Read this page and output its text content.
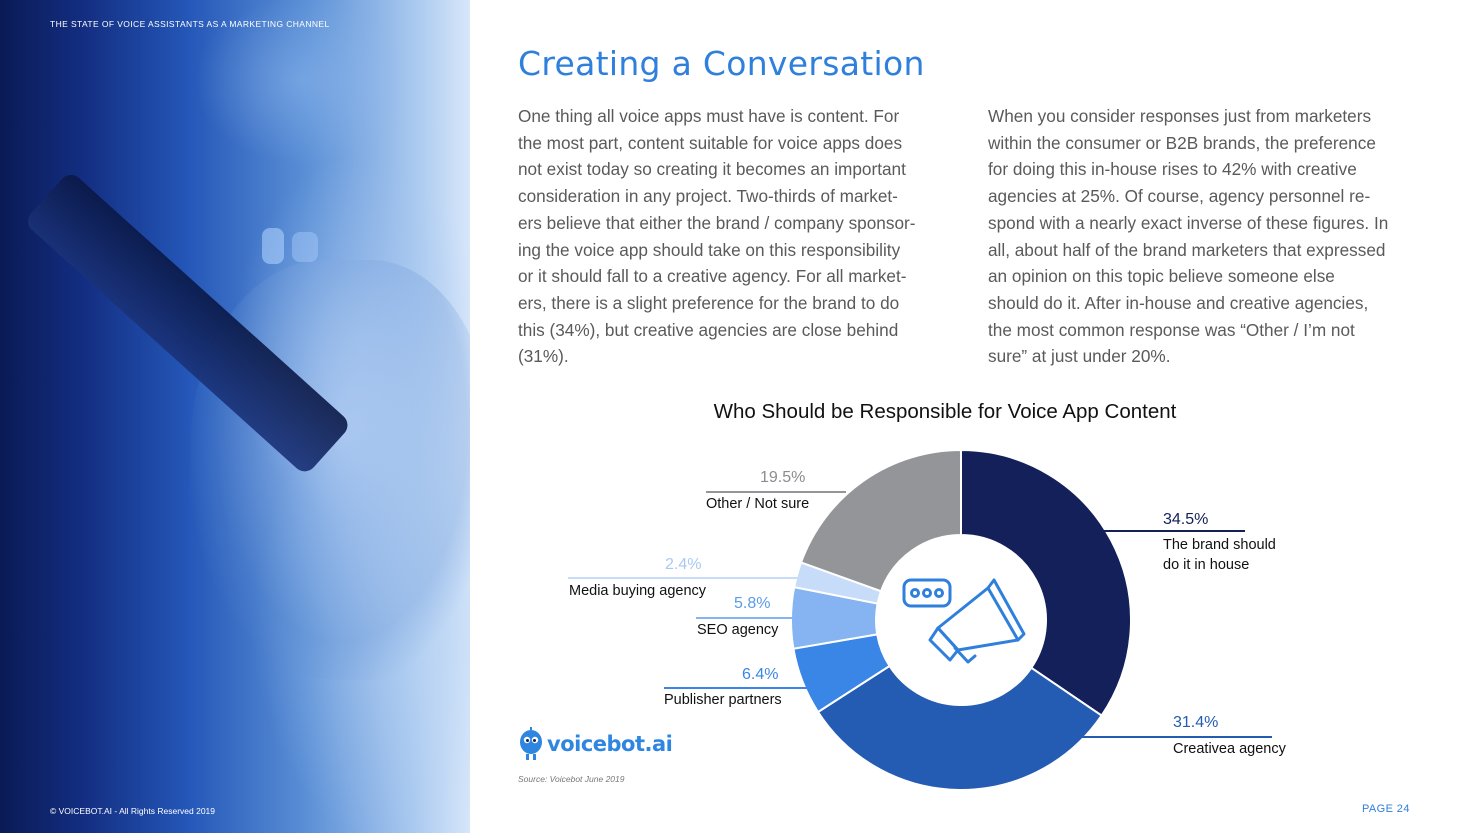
THE STATE OF VOICE ASSISTANTS AS A MARKETING CHANNEL
© VOICEBOT.AI - All Rights Reserved 2019
Creating a Conversation
One thing all voice apps must have is content. For
the most part, content suitable for voice apps does
not exist today so creating it becomes an important
consideration in any project. Two-thirds of market-
ers believe that either the brand / company sponsor-
ing the voice app should take on this responsibility
or it should fall to a creative agency. For all market-
ers, there is a slight preference for the brand to do
this (34%), but creative agencies are close behind
(31%).
When you consider responses just from marketers
within the consumer or B2B brands, the preference
for doing this in-house rises to 42% with creative
agencies at 25%. Of course, agency personnel re-
spond with a nearly exact inverse of these figures. In
all, about half of the brand marketers that expressed
an opinion on this topic believe someone else
should do it. After in-house and creative agencies,
the most common response was “Other / I’m not
sure” at just under 20%.
Who Should be Responsible for Voice App Content
34.5%
The brand should
do it in house
31.4%
Creativea agency
6.4%
Publisher partners
5.8%
SEO agency
2.4%
Media buying agency
19.5%
Other / Not sure
voicebot.ai
Source: Voicebot June 2019
PAGE 24
